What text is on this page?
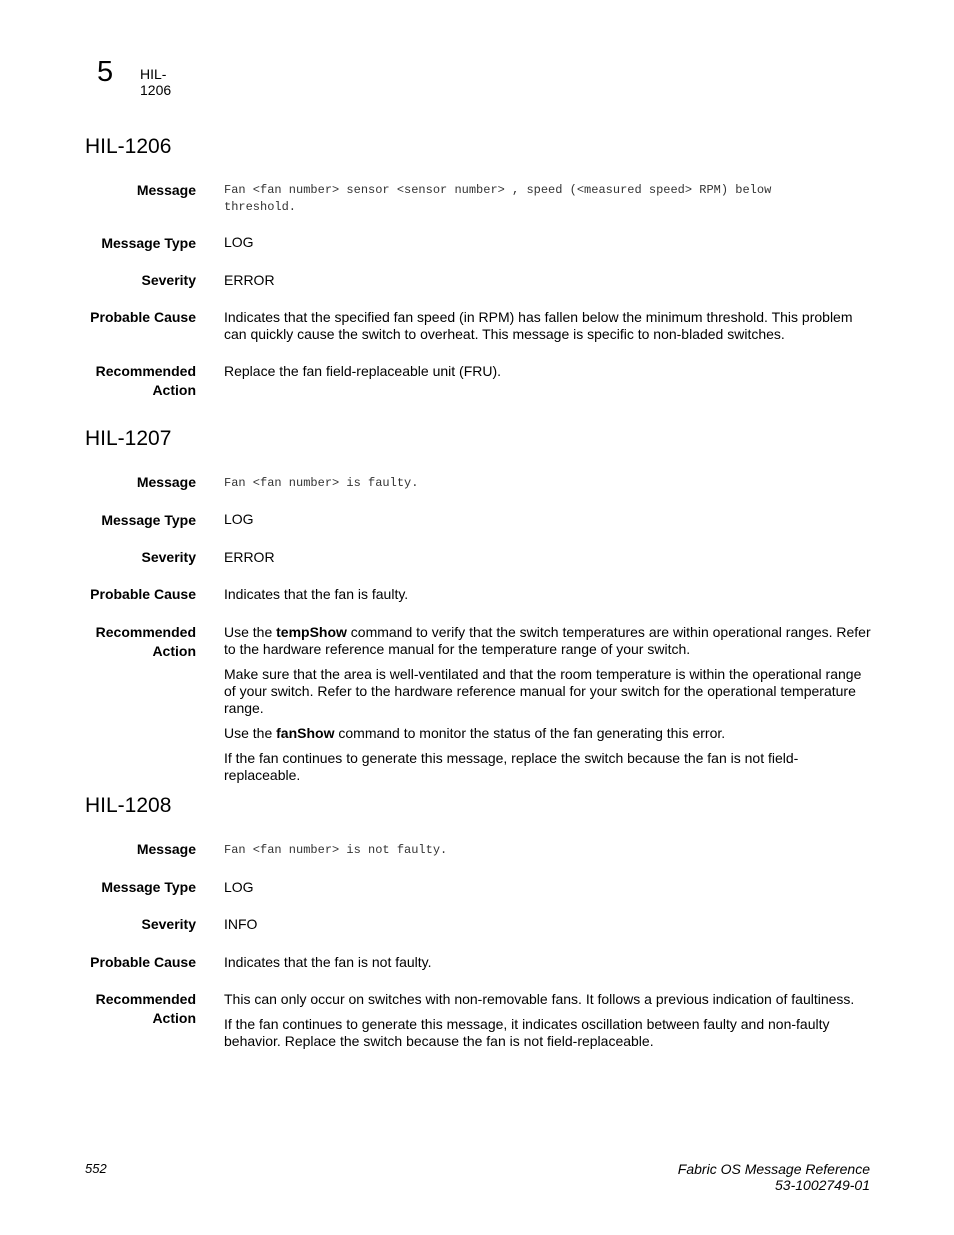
5 HIL-1206
HIL-1206
Message Fan <fan number> sensor <sensor number> , speed (<measured speed> RPM) below
threshold.
Message Type LOG
Severity ERROR
Probable Cause Indicates that the specified fan speed (in RPM) has fallen below the minimum threshold. This problem can quickly cause the switch to overheat. This message is specific to non-bladed switches.
Recommended
Action

Replace the fan field-replaceable unit (FRU).

HIL-1207
Message Fan <fan number> is faulty.
Message Type LOG
Severity ERROR
Probable Cause Indicates that the fan is faulty.
Recommended
Action

Use the tempShow command to verify that the switch temperatures are within operational ranges. Refer to the hardware reference manual for the temperature range of your switch.

Make sure that the area is well-ventilated and that the room temperature is within the operational range of your switch. Refer to the hardware reference manual for your switch for the operational temperature range.

Use the fanShow command to monitor the status of the fan generating this error.

If the fan continues to generate this message, replace the switch because the fan is not field-replaceable.

HIL-1208
Message Fan <fan number> is not faulty.
Message Type LOG
Severity INFO
Probable Cause Indicates that the fan is not faulty.
Recommended
Action

This can only occur on switches with non-removable fans. It follows a previous indication of faultiness.

If the fan continues to generate this message, it indicates oscillation between faulty and non-faulty behavior. Replace the switch because the fan is not field-replaceable.

552	Fabric OS Message Reference
53-1002749-01
